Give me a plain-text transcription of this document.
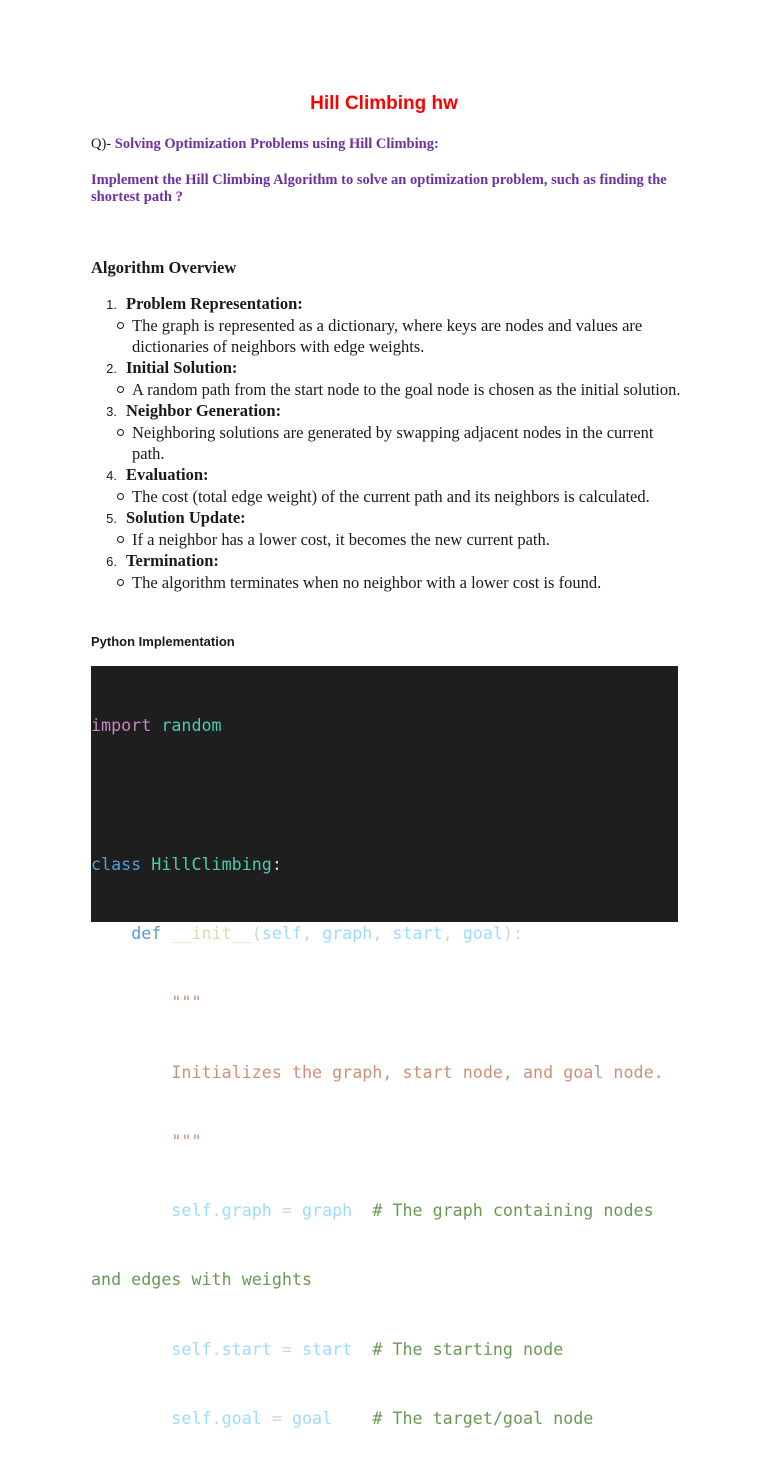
Hill Climbing hw
Q)- Solving Optimization Problems using Hill Climbing:
Implement the Hill Climbing Algorithm to solve an optimization problem, such as finding the shortest path ?
Algorithm Overview
1. Problem Representation:
The graph is represented as a dictionary, where keys are nodes and values are dictionaries of neighbors with edge weights.
2. Initial Solution:
A random path from the start node to the goal node is chosen as the initial solution.
3. Neighbor Generation:
Neighboring solutions are generated by swapping adjacent nodes in the current path.
4. Evaluation:
The cost (total edge weight) of the current path and its neighbors is calculated.
5. Solution Update:
If a neighbor has a lower cost, it becomes the new current path.
6. Termination:
The algorithm terminates when no neighbor with a lower cost is found.
Python Implementation

import random

class HillClimbing:

def __init__(self, graph, start, goal):

"""

Initializes the graph, start node, and goal node.

"""

self.graph = graph # The graph containing nodes

and edges with weights

self.start = start # The starting node

self.goal = goal # The target/goal node
